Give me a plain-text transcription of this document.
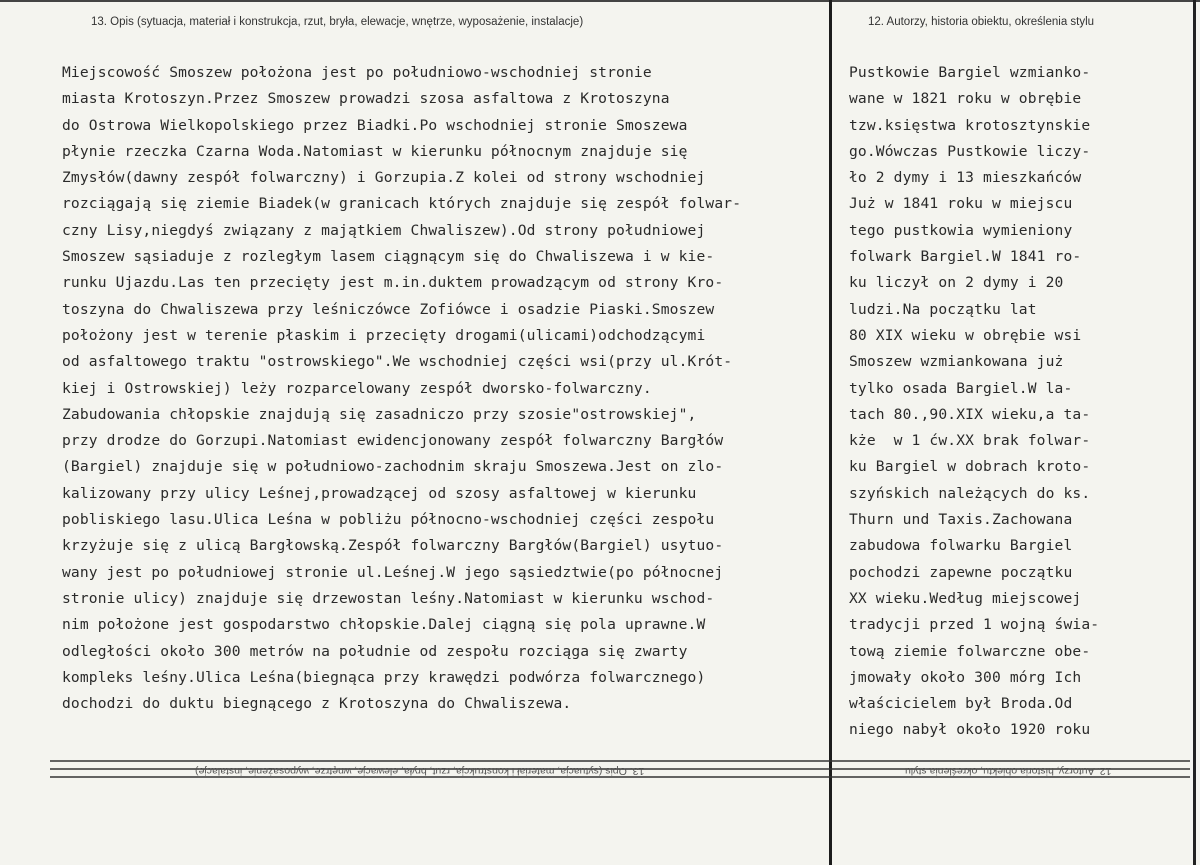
13. Opis (sytuacja, materiał i konstrukcja, rzut, bryła, elewacje, wnętrze, wyposażenie, instalacje)	12. Autorzy, historia obiektu, określenia stylu
Miejscowość Smoszew położona jest po południowo-wschodniej stronie
miasta Krotoszyn.Przez Smoszew prowadzi szosa asfaltowa z Krotoszyna
do Ostrowa Wielkopolskiego przez Biadki.Po wschodniej stronie Smoszewa
płynie rzeczka Czarna Woda.Natomiast w kierunku północnym znajduje się
Zmysłów(dawny zespół folwarczny) i Gorzupia.Z kolei od strony wschodniej
rozciągają się ziemie Biadek(w granicach których znajduje się zespół folwar-
czny Lisy,niegdyś związany z majątkiem Chwaliszew).Od strony południowej
Smoszew sąsiaduje z rozległym lasem ciągnącym się do Chwaliszewa i w kie-
runku Ujazdu.Las ten przecięty jest m.in.duktem prowadzącym od strony Kro-
toszyna do Chwaliszewa przy leśniczówce Zofiówce i osadzie Piaski.Smoszew
położony jest w terenie płaskim i przecięty drogami(ulicami)odchodzącymi
od asfaltowego traktu "ostrowskiego".We wschodniej części wsi(przy ul.Krót-
kiej i Ostrowskiej) leży rozparcelowany zespół dworsko-folwarczny.
Zabudowania chłopskie znajdują się zasadniczo przy szosie"ostrowskiej",
przy drodze do Gorzupi.Natomiast ewidencjonowany zespół folwarczny Bargłów
(Bargiel) znajduje się w południowo-zachodnim skraju Smoszewa.Jest on zlo-
kalizowany przy ulicy Leśnej,prowadzącej od szosy asfaltowej w kierunku
pobliskiego lasu.Ulica Leśna w pobliżu północno-wschodniej części zespołu
krzyżuje się z ulicą Bargłowską.Zespół folwarczny Bargłów(Bargiel) usytuo-
wany jest po południowej stronie ul.Leśnej.W jego sąsiedztwie(po północnej
stronie ulicy) znajduje się drzewostan leśny.Natomiast w kierunku wschod-
nim położone jest gospodarstwo chłopskie.Dalej ciągną się pola uprawne.W
odległości około 300 metrów na południe od zespołu rozciąga się zwarty
kompleks leśny.Ulica Leśna(biegnąca przy krawędzi podwórza folwarcznego)
dochodzi do duktu biegnącego z Krotoszyna do Chwaliszewa.
Pustkowie Bargiel wzmianko-
wane w 1821 roku w obrębie
tzw.księstwa krotosztynskie
go.Wówczas Pustkowie liczy-
ło 2 dymy i 13 mieszkańców
Już w 1841 roku w miejscu
tego pustkowia wymieniony
folwark Bargiel.W 1841 ro-
ku liczył on 2 dymy i 20
ludzi.Na początku lat
80 XIX wieku w obrębie wsi
Smoszew wzmiankowana już
tylko osada Bargiel.W la-
tach 80.,90.XIX wieku,a ta-
kże  w 1 ćw.XX brak folwar-
ku Bargiel w dobrach kroto-
szyńskich należących do ks.
Thurn und Taxis.Zachowana
zabudowa folwarku Bargiel
pochodzi zapewne początku
XX wieku.Według miejscowej
tradycji przed 1 wojną świa-
tową ziemie folwarczne obe-
jmowały około 300 mórg Ich
właścicielem był Broda.Od
niego nabył około 1920 roku
13. Opis (sytuacja, materiał i konstrukcja, rzut, bryła, elewacje, wnętrze, wyposażenie, instalacje)	12. Autorzy, historia obiektu, określenia stylu
